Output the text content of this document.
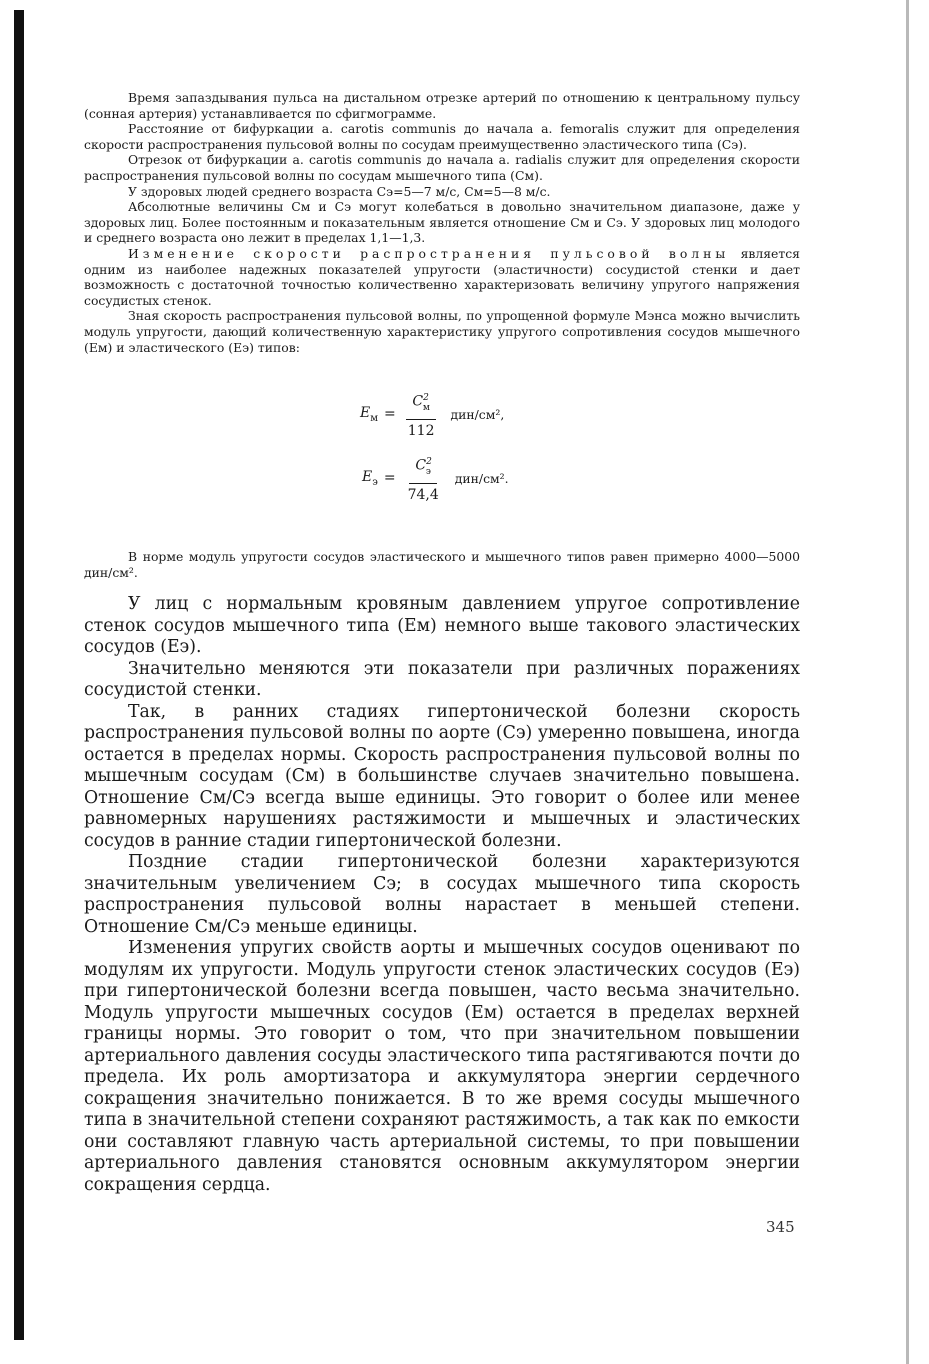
Время запаздывания пульса на дистальном отрезке артерий по отношению к центральному пульсу (сонная артерия) устанавливается по сфигмограмме.

Расстояние от бифуркации a. carotis communis до начала a. femoralis служит для определения скорости распространения пульсовой волны по сосудам преимущественно эластического типа (Cэ).

Отрезок от бифуркации a. carotis communis до начала a. radialis служит для определения скорости распространения пульсовой волны по сосудам мышечного типа (Cм).

У здоровых людей среднего возраста Cэ=5—7 м/с, Cм=5—8 м/с.

Абсолютные величины Cм и Cэ могут колебаться в довольно значительном диапазоне, даже у здоровых лиц. Более постоянным и показательным является отношение Cм и Cэ. У здоровых лиц молодого и среднего возраста оно лежит в пределах 1,1—1,3.

Изменение скорости распространения пульсовой волны является одним из наиболее надежных показателей упругости (эластичности) сосудистой стенки и дает возможность с достаточной точностью количественно характеризовать величину упругого напряжения сосудистых стенок.

Зная скорость распространения пульсовой волны, по упрощенной формуле Мэнса можно вычислить модуль упругости, дающий количественную характеристику упругого сопротивления сосудов мышечного (Eм) и эластического (Eэ) типов:

$E_м = \frac{C^2_м}{112} дин/см^2$,
$E_э = \frac{C^2_э}{74,4} дин/см^2$.

В норме модуль упругости сосудов эластического и мышечного типов равен примерно 4000—5000 дин/см².

У лиц с нормальным кровяным давлением упругое сопротивление стенок сосудов мышечного типа (Eм) немного выше такового эластических сосудов (Eэ).

Значительно меняются эти показатели при различных поражениях сосудистой стенки.

Так, в ранних стадиях гипертонической болезни скорость распространения пульсовой волны по аорте (Cэ) умеренно повышена, иногда остается в пределах нормы. Скорость распространения пульсовой волны по мышечным сосудам (Cм) в большинстве случаев значительно повышена. Отношение Cм/Cэ всегда выше единицы. Это говорит о более или менее равномерных нарушениях растяжимости и мышечных и эластических сосудов в ранние стадии гипертонической болезни.

Поздние стадии гипертонической болезни характеризуются значительным увеличением Cэ; в сосудах мышечного типа скорость распространения пульсовой волны нарастает в меньшей степени. Отношение Cм/Cэ меньше единицы.

Изменения упругих свойств аорты и мышечных сосудов оценивают по модулям их упругости. Модуль упругости стенок эластических сосудов (Eэ) при гипертонической болезни всегда повышен, часто весьма значительно. Модуль упругости мышечных сосудов (Eм) остается в пределах верхней границы нормы. Это говорит о том, что при значительном повышении артериального давления сосуды эластического типа растягиваются почти до предела. Их роль амортизатора и аккумулятора энергии сердечного сокращения значительно понижается. В то же время сосуды мышечного типа в значительной степени сохраняют растяжимость, а так как по емкости они составляют главную часть артериальной системы, то при повышении артериального давления становятся основным аккумулятором энергии сокращения сердца.

345
